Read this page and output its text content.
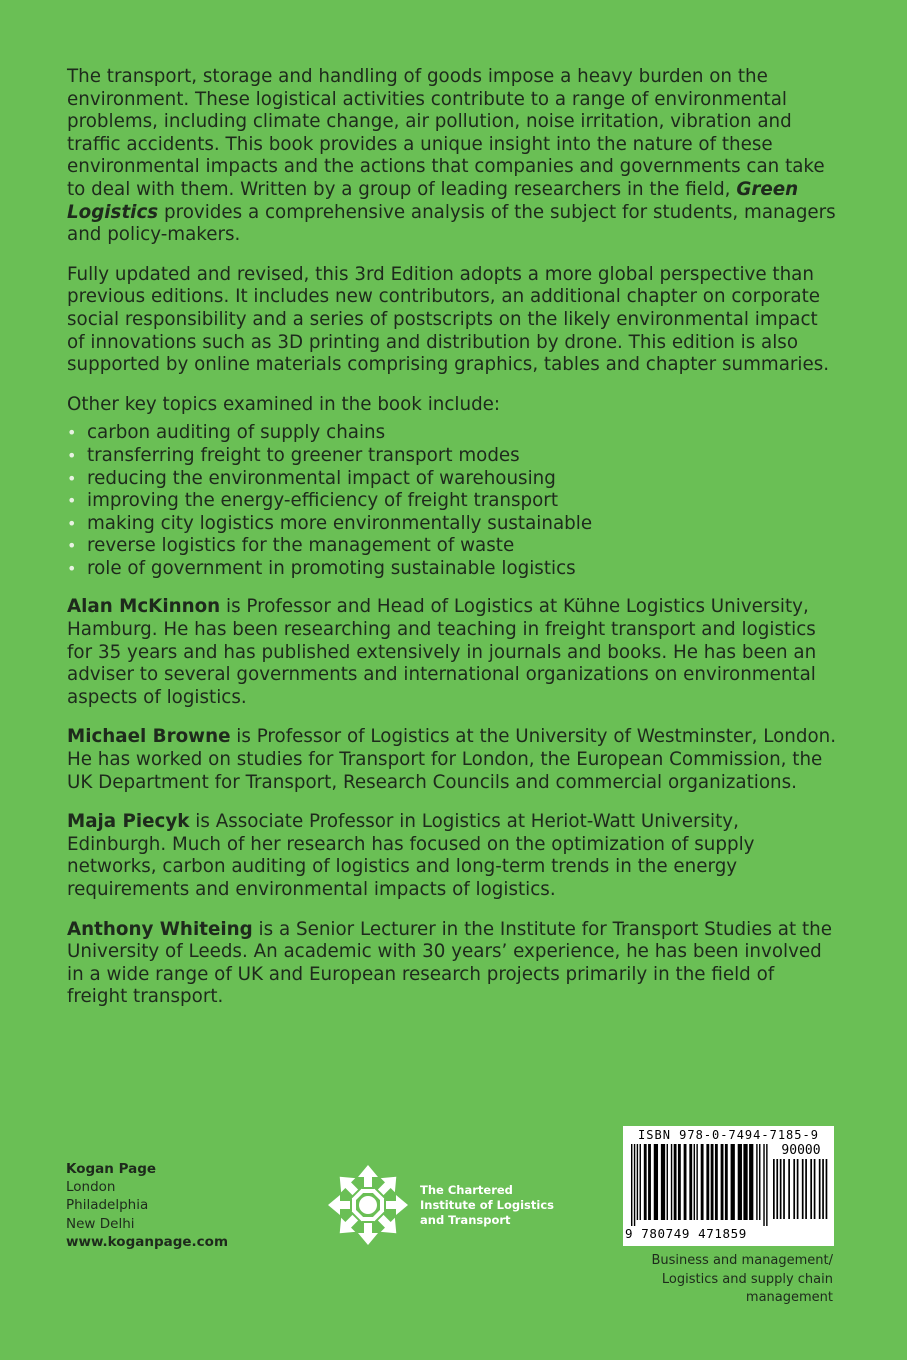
The transport, storage and handling of goods impose a heavy burden on the environment. These logistical activities contribute to a range of environmental problems, including climate change, air pollution, noise irritation, vibration and traffic accidents. This book provides a unique insight into the nature of these environmental impacts and the actions that companies and governments can take to deal with them. Written by a group of leading researchers in the field, Green Logistics provides a comprehensive analysis of the subject for students, managers and policy-makers.

Fully updated and revised, this 3rd Edition adopts a more global perspective than previous editions. It includes new contributors, an additional chapter on corporate social responsibility and a series of postscripts on the likely environmental impact of innovations such as 3D printing and distribution by drone. This edition is also supported by online materials comprising graphics, tables and chapter summaries.

Other key topics examined in the book include:

• carbon auditing of supply chains
• transferring freight to greener transport modes
• reducing the environmental impact of warehousing
• improving the energy-efficiency of freight transport
• making city logistics more environmentally sustainable
• reverse logistics for the management of waste
• role of government in promoting sustainable logistics

Alan McKinnon is Professor and Head of Logistics at Kühne Logistics University, Hamburg. He has been researching and teaching in freight transport and logistics for 35 years and has published extensively in journals and books. He has been an adviser to several governments and international organizations on environmental aspects of logistics.

Michael Browne is Professor of Logistics at the University of Westminster, London. He has worked on studies for Transport for London, the European Commission, the UK Department for Transport, Research Councils and commercial organizations.

Maja Piecyk is Associate Professor in Logistics at Heriot-Watt University, Edinburgh. Much of her research has focused on the optimization of supply networks, carbon auditing of logistics and long-term trends in the energy requirements and environmental impacts of logistics.

Anthony Whiteing is a Senior Lecturer in the Institute for Transport Studies at the University of Leeds. An academic with 30 years’ experience, he has been involved in a wide range of UK and European research projects primarily in the field of freight transport.

Kogan Page
London
Philadelphia
New Delhi
www.koganpage.com
The Chartered
Institute of Logistics
and Transport
ISBN 978-0-7494-7185-9
90000
9 780749 471859
Business and management/
Logistics and supply chain
management
